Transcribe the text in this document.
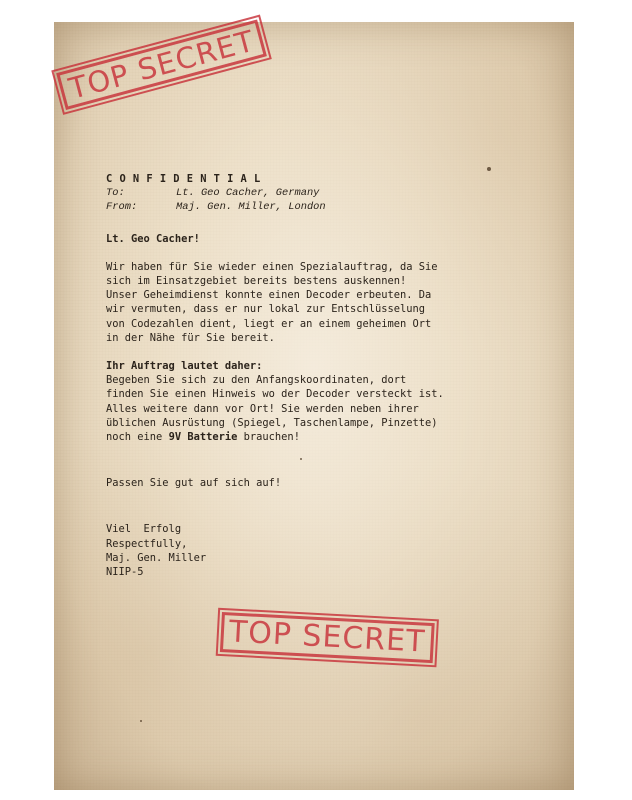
TOP SECRET
CONFIDENTIAL
To:	Lt. Geo Cacher, Germany
From:	Maj. Gen. Miller, London
Lt. Geo Cacher!
Wir haben für Sie wieder einen Spezialauftrag, da Sie
sich im Einsatzgebiet bereits bestens auskennen!
Unser Geheimdienst konnte einen Decoder erbeuten. Da
wir vermuten, dass er nur lokal zur Entschlüsselung
von Codezahlen dient, liegt er an einem geheimen Ort
in der Nähe für Sie bereit.
Ihr Auftrag lautet daher:
Begeben Sie sich zu den Anfangskoordinaten, dort
finden Sie einen Hinweis wo der Decoder versteckt ist.
Alles weitere dann vor Ort! Sie werden neben ihrer
üblichen Ausrüstung (Spiegel, Taschenlampe, Pinzette)
noch eine 9V Batterie brauchen!
Passen Sie gut auf sich auf!
Viel  Erfolg
Respectfully,
Maj. Gen. Miller
NIIP-5
TOP SECRET
